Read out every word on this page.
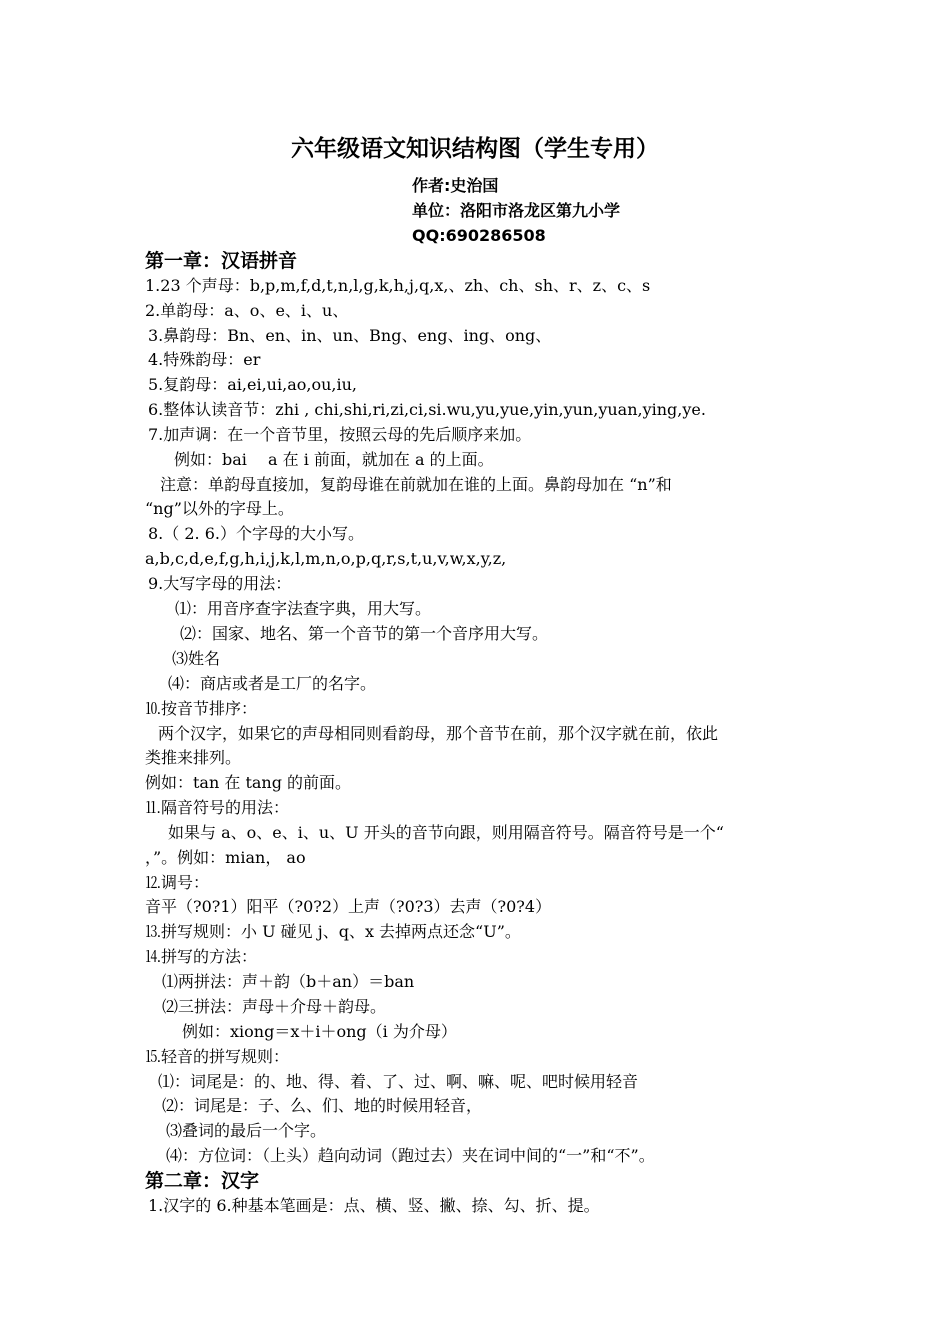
六年级语文知识结构图（学生专用）
作者:史治国
单位：洛阳市洛龙区第九小学
QQ:690286508
第一章：汉语拼音
1.23 个声母：b,p,m,f,d,t,n,l,g,k,h,j,q,x,、zh、ch、sh、r、z、c、s
2.单韵母：a、o、e、i、u、
3.鼻韵母：Bn、en、in、un、Bng、eng、ing、ong、
4.特殊韵母：er
5.复韵母：ai,ei,ui,ao,ou,iu,
6.整体认读音节：zhi , chi,shi,ri,zi,ci,si.wu,yu,yue,yin,yun,yuan,ying,ye.
7.加声调：在一个音节里，按照云母的先后顺序来加。
例如：bai　 a 在 i 前面，就加在 a 的上面。
注意：单韵母直接加，复韵母谁在前就加在谁的上面。鼻韵母加在 “n”和
“ng”以外的字母上。
8.（ 2. 6.）个字母的大小写。
a,b,c,d,e,f,g,h,i,j,k,l,m,n,o,p,q,r,s,t,u,v,w,x,y,z,
9.大写字母的用法：
⑴：用音序查字法查字典，用大写。
⑵：国家、地名、第一个音节的第一个音序用大写。
⑶姓名
⑷：商店或者是工厂的名字。
⒑按音节排序：
两个汉字，如果它的声母相同则看韵母，那个音节在前，那个汉字就在前，依此
类推来排列。
例如：tan 在 tang 的前面。
⒒隔音符号的用法：
如果与 a、o、e、i、u、U 开头的音节向跟，则用隔音符号。隔音符号是一个“
，”。例如：mian， ao
⒓调号：
音平（?0?1）阳平（?0?2）上声（?0?3）去声（?0?4）
⒔拼写规则：小 U 碰见 j、q、x 去掉两点还念“U”。
⒕拼写的方法：
⑴两拼法：声＋韵（b＋an）＝ban
⑵三拼法：声母＋介母＋韵母。
例如：xiong＝x＋i＋ong（i 为介母）
⒖轻音的拼写规则：
⑴：词尾是：的、地、得、着、了、过、啊、嘛、呢、吧时候用轻音
⑵：词尾是：子、么、们、地的时候用轻音，
⑶叠词的最后一个字。
⑷：方位词：（上头）趋向动词（跑过去）夹在词中间的“一”和“不”。
第二章：汉字
1.汉字的 6.种基本笔画是：点、横、竖、撇、捺、勾、折、提。
